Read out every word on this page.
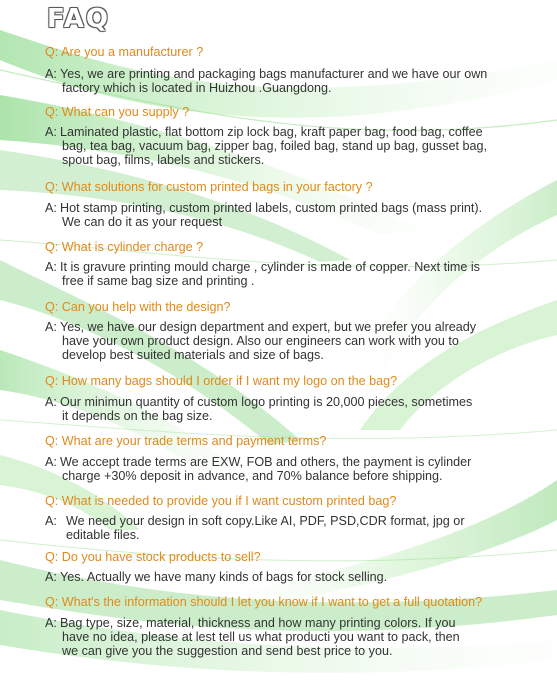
FAQ
Q: Are you a manufacturer ?
A: Yes, we are printing and packaging bags manufacturer and we have our own
factory which is located in Huizhou .Guangdong.
Q: What can you supply ?
A: Laminated plastic, flat bottom zip lock bag, kraft paper bag, food bag, coffee
bag, tea bag, vacuum bag, zipper bag, foiled bag, stand up bag, gusset bag,
spout bag, films, labels and stickers.
Q: What solutions for custom printed bags in your factory ?
A: Hot stamp printing, custom printed labels, custom printed bags (mass print).
We can do it as your request
Q: What is cylinder charge ?
A: It is gravure printing mould charge , cylinder is made of copper. Next time is
free if same bag size and printing .
Q: Can you help with the design?
A: Yes, we have our design department and expert, but we prefer you already
have your own product design. Also our engineers can work with you to
develop best suited materials and size of bags.
Q: How many bags should I order if I want my logo on the bag?
A: Our minimun quantity of custom logo printing is 20,000 pieces, sometimes
it depends on the bag size.
Q: What are your trade terms and payment terms?
A: We accept trade terms are EXW, FOB and others, the payment is cylinder
charge +30% deposit in advance, and 70% balance before shipping.
Q: What is needed to provide you if I want custom printed bag?
A: We need your design in soft copy.Like AI, PDF, PSD,CDR format, jpg or
editable files.
Q: Do you have stock products to sell?
A: Yes. Actually we have many kinds of bags for stock selling.
Q: What's the information should I let you know if I want to get a full quotation?
A: Bag type, size, material, thickness and how many printing colors. If you
have no idea, please at lest tell us what producti you want to pack, then
we can give you the suggestion and send best price to you.
